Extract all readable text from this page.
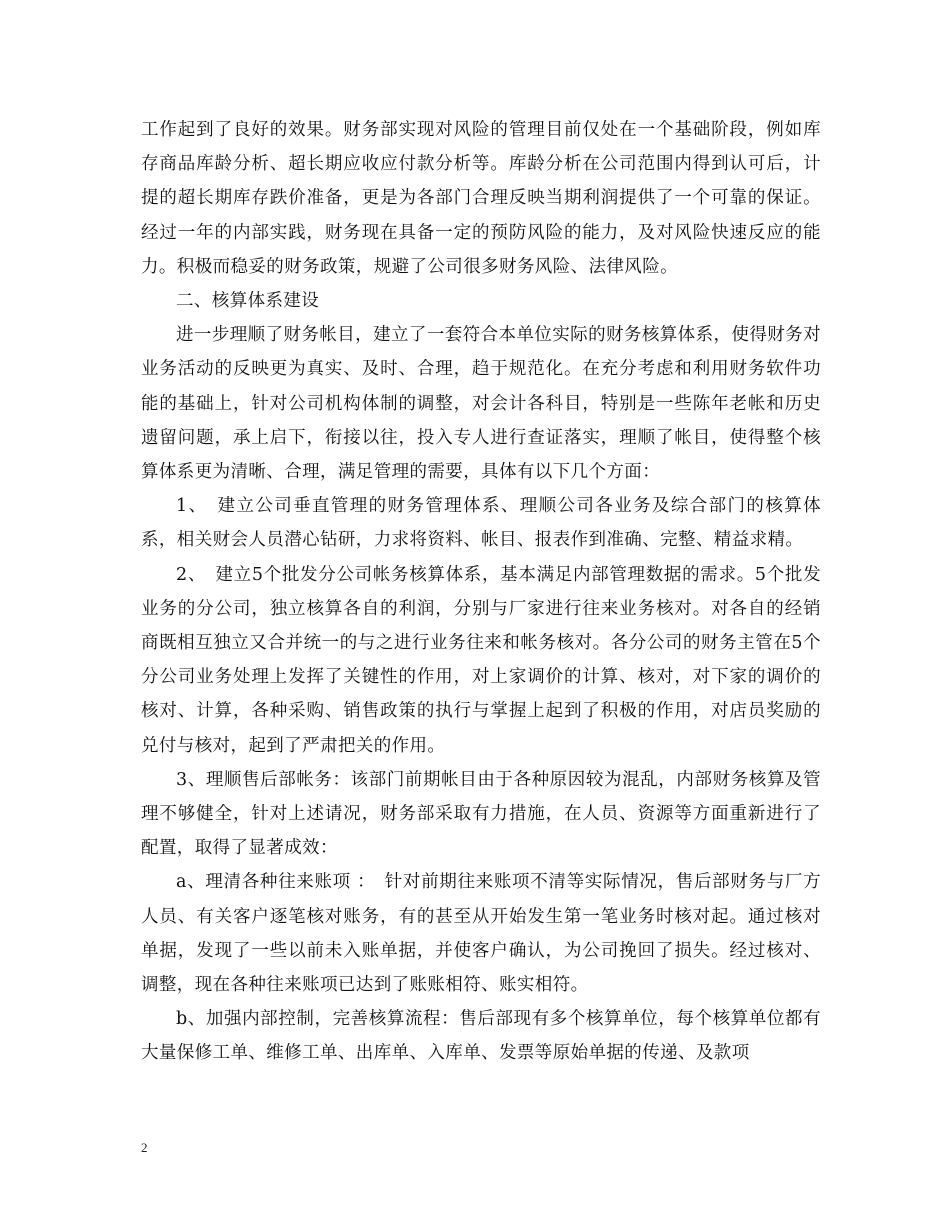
工作起到了良好的效果。财务部实现对风险的管理目前仅处在一个基础阶段，例如库存商品库龄分析、超长期应收应付款分析等。库龄分析在公司范围内得到认可后，计提的超长期库存跌价准备，更是为各部门合理反映当期利润提供了一个可靠的保证。经过一年的内部实践，财务现在具备一定的预防风险的能力，及对风险快速反应的能力。积极而稳妥的财务政策，规避了公司很多财务风险、法律风险。

二、核算体系建设

进一步理顺了财务帐目，建立了一套符合本单位实际的财务核算体系，使得财务对业务活动的反映更为真实、及时、合理，趋于规范化。在充分考虑和利用财务软件功能的基础上，针对公司机构体制的调整，对会计各科目，特别是一些陈年老帐和历史遗留问题，承上启下，衔接以往，投入专人进行查证落实，理顺了帐目，使得整个核算体系更为清晰、合理，满足管理的需要，具体有以下几个方面：

1、　建立公司垂直管理的财务管理体系、理顺公司各业务及综合部门的核算体系，相关财会人员潜心钻研，力求将资料、帐目、报表作到准确、完整、精益求精。

2、　建立5个批发分公司帐务核算体系，基本满足内部管理数据的需求。5个批发业务的分公司，独立核算各自的利润，分别与厂家进行往来业务核对。对各自的经销商既相互独立又合并统一的与之进行业务往来和帐务核对。各分公司的财务主管在5个分公司业务处理上发挥了关键性的作用，对上家调价的计算、核对，对下家的调价的核对、计算，各种采购、销售政策的执行与掌握上起到了积极的作用，对店员奖励的兑付与核对，起到了严肃把关的作用。

3、理顺售后部帐务：该部门前期帐目由于各种原因较为混乱，内部财务核算及管理不够健全，针对上述请况，财务部采取有力措施，在人员、资源等方面重新进行了配置，取得了显著成效：

a、理清各种往来账项 ：　针对前期往来账项不清等实际情况，售后部财务与厂方人员、有关客户逐笔核对账务，有的甚至从开始发生第一笔业务时核对起。通过核对单据，发现了一些以前未入账单据，并使客户确认，为公司挽回了损失。经过核对、调整，现在各种往来账项已达到了账账相符、账实相符。

b、加强内部控制，完善核算流程：售后部现有多个核算单位，每个核算单位都有大量保修工单、维修工单、出库单、入库单、发票等原始单据的传递、及款项

2
